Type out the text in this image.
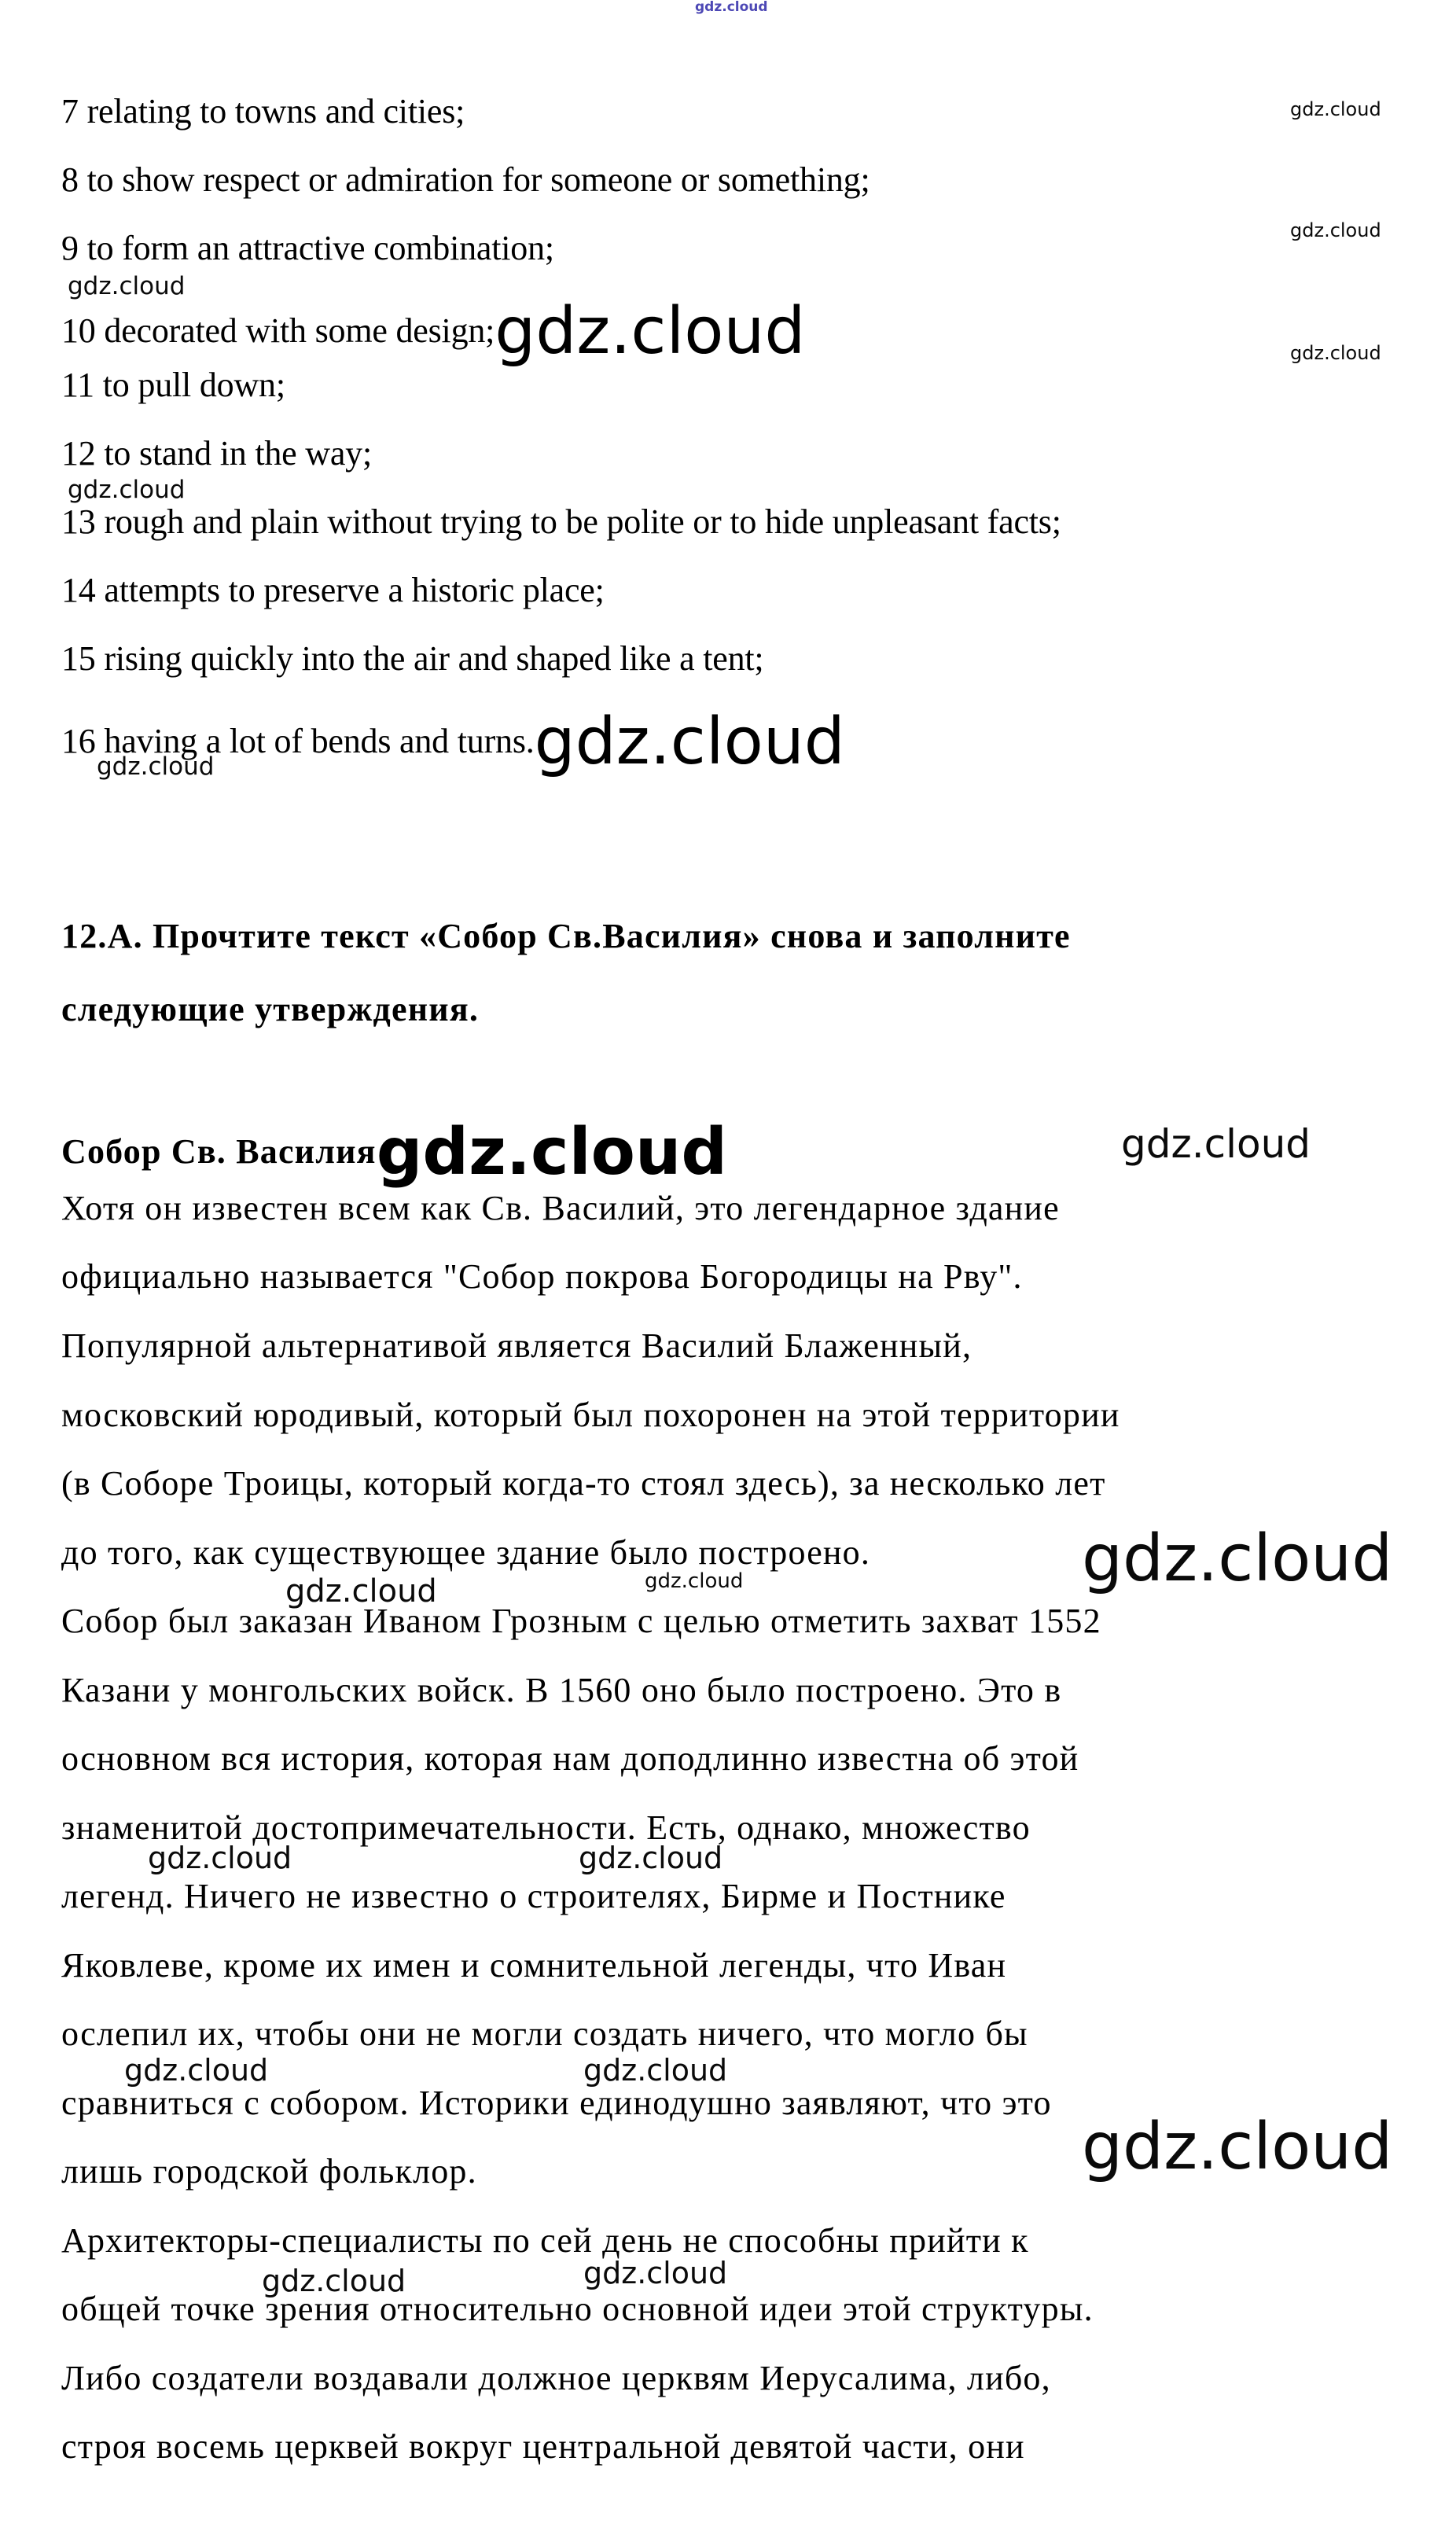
gdz.cloud
gdz.cloud
gdz.cloud
gdz.cloud
7 relating to towns and cities;
8 to show respect or admiration for someone or something;
9 to form an attractive combination;
gdz.cloud
10 decorated with some design;gdz.cloud
11 to pull down;
12 to stand in the way;
gdz.cloud
13 rough and plain without trying to be polite or to hide unpleasant facts;
14 attempts to preserve a historic place;
15 rising quickly into the air and shaped like a tent;
16 having a lot of bends and turns.gdz.cloud
gdz.cloud
12.А. Прочтите текст «Собор Св.Василия» снова и заполните
следующие утверждения.
Собор Св. Василияgdz.cloud	gdz.cloud
Хотя он известен всем как Св. Василий, это легендарное здание
официально называется "Собор покрова Богородицы на Рву".
Популярной альтернативой является Василий Блаженный,
московский юродивый, который был похоронен на этой территории
(в Соборе Троицы, который когда-то стоял здесь), за несколько лет
до того, как существующее здание было построено.	gdz.cloud
gdz.cloud
gdz.cloud
Собор был заказан Иваном Грозным с целью отметить захват 1552
Казани у монгольских войск. В 1560 оно было построено. Это в
основном вся история, которая нам доподлинно известна об этой
знаменитой достопримечательности. Есть, однако, множество
gdz.cloud	gdz.cloud
легенд. Ничего не известно о строителях, Бирме и Постнике
Яковлеве, кроме их имен и сомнительной легенды, что Иван
ослепил их, чтобы они не могли создать ничего, что могло бы
gdz.cloud	gdz.cloud
сравниться с собором. Историки единодушно заявляют, что это
gdz.cloud
лишь городской фольклор.
Архитекторы-специалисты по сей день не способны прийти к
gdz.cloud	gdz.cloud
общей точке зрения относительно основной идеи этой структуры.
Либо создатели воздавали должное церквям Иерусалима, либо,
строя восемь церквей вокруг центральной девятой части, они
